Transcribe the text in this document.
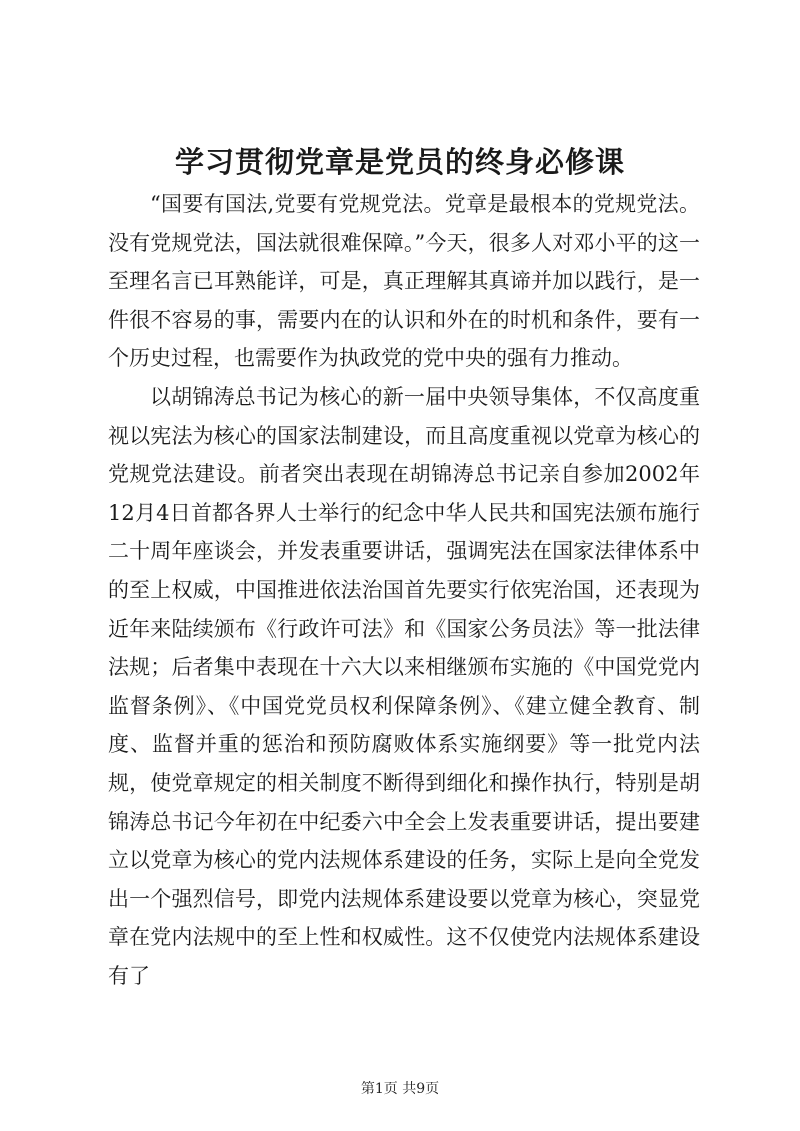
学习贯彻党章是党员的终身必修课

“国要有国法,党要有党规党法。党章是最根本的党规党法。没有党规党法，国法就很难保障。”今天，很多人对邓小平的这一至理名言已耳熟能详，可是，真正理解其真谛并加以践行，是一件很不容易的事，需要内在的认识和外在的时机和条件，要有一个历史过程，也需要作为执政党的党中央的强有力推动。

以胡锦涛总书记为核心的新一届中央领导集体，不仅高度重视以宪法为核心的国家法制建设，而且高度重视以党章为核心的党规党法建设。前者突出表现在胡锦涛总书记亲自参加2002年12月4日首都各界人士举行的纪念中华人民共和国宪法颁布施行二十周年座谈会，并发表重要讲话，强调宪法在国家法律体系中的至上权威，中国推进依法治国首先要实行依宪治国，还表现为近年来陆续颁布《行政许可法》和《国家公务员法》等一批法律法规；后者集中表现在十六大以来相继颁布实施的《中国党党内监督条例》、《中国党党员权利保障条例》、《建立健全教育、制度、监督并重的惩治和预防腐败体系实施纲要》等一批党内法规，使党章规定的相关制度不断得到细化和操作执行，特别是胡锦涛总书记今年初在中纪委六中全会上发表重要讲话，提出要建立以党章为核心的党内法规体系建设的任务，实际上是向全党发出一个强烈信号，即党内法规体系建设要以党章为核心，突显党章在党内法规中的至上性和权威性。这不仅使党内法规体系建设有了

第1页 共9页
